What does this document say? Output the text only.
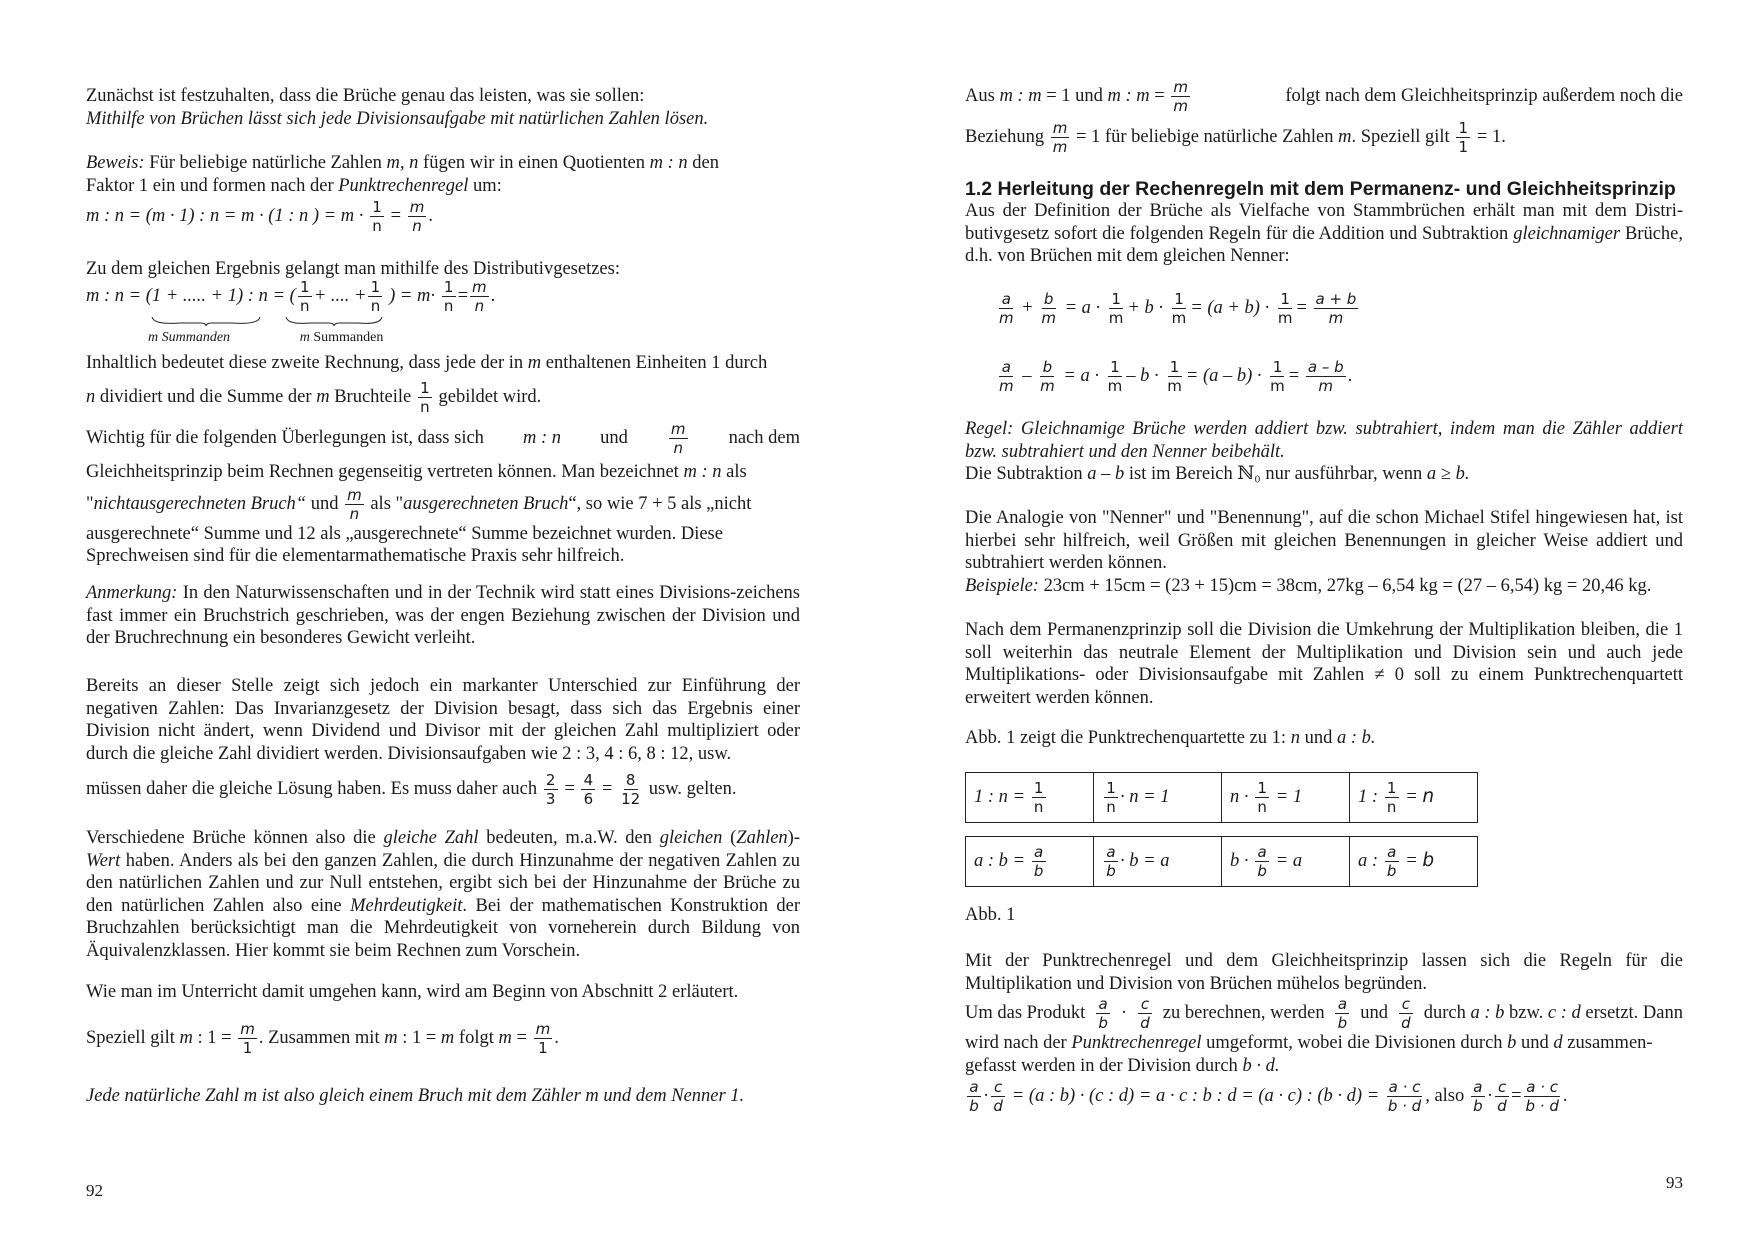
Zunächst ist festzuhalten, dass die Brüche genau das leisten, was sie sollen:

Mithilfe von Brüchen lässt sich jede Divisionsaufgabe mit natürlichen Zahlen lösen.

Beweis: Für beliebige natürliche Zahlen m, n fügen wir in einen Quotienten m : n den

Faktor 1 ein und formen nach der Punktrechenregel um:

m : n = (m · 1) : n = m · (1 : n ) = $m \cdot \frac{1}{n} = \frac{m}{n}$ .

Zu dem gleichen Ergebnis gelangt man mithilfe des Distributivgesetzes:

m : n = (1 + ..... + 1) : n = (
m Summanden
$\frac{1}{n}$ + .... +
m Summanden
$\frac{1}{n}$ ) = $m\cdot \frac{1}{n} = \frac{m}{n}$ .

Inhaltlich bedeutet diese zweite Rechnung, dass jede der in m enthaltenen Einheiten 1 durch

n dividiert und die Summe der m Bruchteile $\frac{1}{n}$ gebildet wird.

Wichtig für die folgenden Überlegungen ist, dass sich m : n und	$\frac{m}{n}$ nach dem

Gleichheitsprinzip beim Rechnen gegenseitig vertreten können. Man bezeichnet m : n als

"nichtausgerechneten Bruch“ und $\frac{m}{n}$ als "ausgerechneten Bruch“, so wie 7 + 5 als „nicht

ausgerechnete“ Summe und 12 als „ausgerechnete“ Summe bezeichnet wurden. Diese

Sprechweisen sind für die elementarmathematische Praxis sehr hilfreich.

Anmerkung: In den Naturwissenschaften und in der Technik wird statt eines Divisions-zeichens fast immer ein Bruchstrich geschrieben, was der engen Beziehung zwischen der Division und der Bruchrechnung ein besonderes Gewicht verleiht.

Bereits an dieser Stelle zeigt sich jedoch ein markanter Unterschied zur Einführung der negativen Zahlen: Das Invarianzgesetz der Division besagt, dass sich das Ergebnis einer Division nicht ändert, wenn Dividend und Divisor mit der gleichen Zahl multipliziert oder durch die gleiche Zahl dividiert werden. Divisionsaufgaben wie 2 : 3, 4 : 6, 8 : 12, usw.

müssen daher die gleiche Lösung haben. Es muss daher auch $\frac{2}{3} = \frac{4}{6} = \frac{8}{12}$ usw. gelten.

Verschiedene Brüche können also die gleiche Zahl bedeuten, m.a.W. den gleichen (Zahlen)- Wert haben. Anders als bei den ganzen Zahlen, die durch Hinzunahme der negativen Zahlen zu den natürlichen Zahlen und zur Null entstehen, ergibt sich bei der Hinzunahme der Brüche zu den natürlichen Zahlen also eine Mehrdeutigkeit. Bei der mathematischen Konstruktion der Bruchzahlen berücksichtigt man die Mehrdeutigkeit von vorneherein durch Bildung von Äquivalenzklassen. Hier kommt sie beim Rechnen zum Vorschein.

Wie man im Unterricht damit umgehen kann, wird am Beginn von Abschnitt 2 erläutert.

Speziell gilt m : $1 = \frac{m}{1}$ . Zusammen mit m : 1 = m folgt $m = \frac{m}{1}$ .

Jede natürliche Zahl m ist also gleich einem Bruch mit dem Zähler m und dem Nenner 1.

92

Aus m : m = 1 und m : $m = \frac{m}{m}$	folgt nach dem Gleichheitsprinzip außerdem noch die

Beziehung $\frac{m}{m} = 1$ für beliebige natürliche Zahlen m. Speziell gilt $\frac{1}{1} = 1$.

1.2 Herleitung der Rechenregeln mit dem Permanenz- und Gleichheitsprinzip

Aus der Definition der Brüche als Vielfache von Stammbrüchen erhält man mit dem Distri-butivgesetz sofort die folgenden Regeln für die Addition und Subtraktion gleichnamiger Brüche, d.h. von Brüchen mit dem gleichen Nenner:

$\frac{a}{m} + \frac{b}{m} = a \cdot \frac{1}{m} + b \cdot \frac{1}{m} = (a + b) \cdot \frac{1}{m} = \frac{a + b}{m}$
$\frac{a}{m} - \frac{b}{m} = a \cdot \frac{1}{m} - b \cdot \frac{1}{m} = (a - b) \cdot \frac{1}{m} = \frac{a - b}{m}$ .

Regel: Gleichnamige Brüche werden addiert bzw. subtrahiert, indem man die Zähler addiert bzw. subtrahiert und den Nenner beibehält.

Die Subtraktion a – b ist im Bereich ℕ₀ nur ausführbar, wenn a ≥ b.

Die Analogie von "Nenner" und "Benennung", auf die schon Michael Stifel hingewiesen hat, ist hierbei sehr hilfreich, weil Größen mit gleichen Benennungen in gleicher Weise addiert und subtrahiert werden können.

Beispiele: 23cm + 15cm = (23 + 15)cm = 38cm, 27kg – 6,54 kg = (27 – 6,54) kg = 20,46 kg.

Nach dem Permanenzprinzip soll die Division die Umkehrung der Multiplikation bleiben, die 1 soll weiterhin das neutrale Element der Multiplikation und Division sein und auch jede Multiplikations- oder Divisionsaufgabe mit Zahlen ≠ 0 soll zu einem Punktrechenquartett erweitert werden können.

Abb. 1 zeigt die Punktrechenquartette zu 1: n und a : b.

1 : $n = \frac{1}{n}$	$\frac{1}{n} \cdot n = 1$	$n \cdot \frac{1}{n} = 1$	1 : $\frac{1}{n} = n$
a : $b = \frac{a}{b}$	$\frac{a}{b} \cdot b = a$	$b \cdot \frac{a}{b} = a$	a : $\frac{a}{b} = b$

Abb. 1

Mit der Punktrechenregel und dem Gleichheitsprinzip lassen sich die Regeln für die Multiplikation und Division von Brüchen mühelos begründen.

Um das Produkt $\frac{a}{b} \cdot \frac{c}{d}$ zu berechnen, werden $\frac{a}{b}$ und $\frac{c}{d}$ durch a : b bzw. c : d ersetzt. Dann

wird nach der Punktrechenregel umgeformt, wobei die Divisionen durch b und d zusammen-

gefasst werden in der Division durch b · d.

$\frac{a}{b} \cdot \frac{c}{d} = (a$ : b) · (c : d) = a · c : b : d = (a · c) : $(b \cdot d) = \frac{a \cdot c}{b \cdot d}$ , also $\frac{a}{b} \cdot \frac{c}{d} = \frac{a \cdot c}{b \cdot d}$ .
93
